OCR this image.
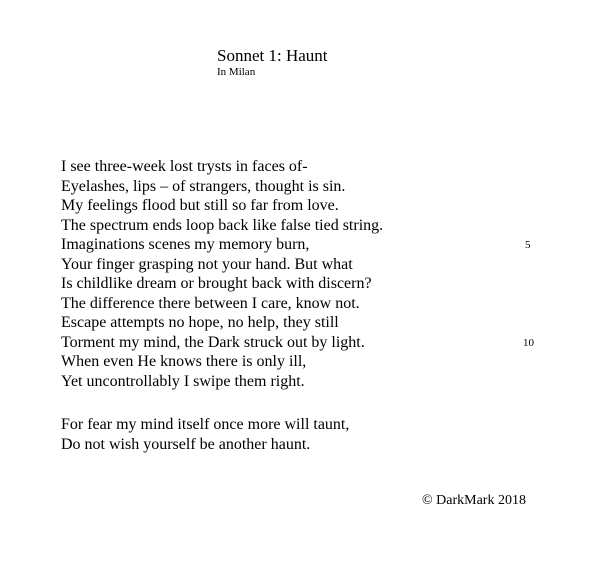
Sonnet 1: Haunt
In Milan
I see three-week lost trysts in faces of-
Eyelashes, lips – of strangers, thought is sin.
My feelings flood but still so far from love.
The spectrum ends loop back like false tied string.
Imaginations scenes my memory burn,	5
Your finger grasping not your hand. But what
Is childlike dream or brought back with discern?
The difference there between I care, know not.
Escape attempts no hope, no help, they still
Torment my mind, the Dark struck out by light.	10
When even He knows there is only ill,
Yet uncontrollably I swipe them right.
For fear my mind itself once more will taunt,
Do not wish yourself be another haunt.
© DarkMark 2018
